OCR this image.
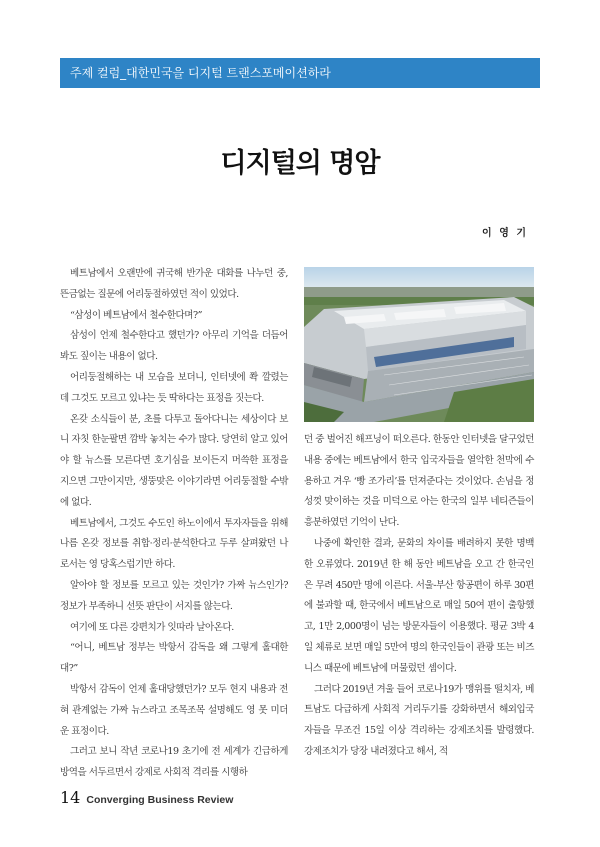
주제 컬럼_대한민국을 디지털 트랜스포메이션하라
디지털의 명암
이 영 기

베트남에서 오랜만에 귀국해 반가운 대화를 나누던 중, 뜬금없는 질문에 어리둥절하였던 적이 있었다.

“삼성이 베트남에서 철수한다며?”

삼성이 언제 철수한다고 했던가? 아무리 기억을 더듬어봐도 짚이는 내용이 없다.

어리둥절해하는 내 모습을 보더니, 인터넷에 쫙 깔렸는데 그것도 모르고 있냐는 듯 딱하다는 표정을 짓는다.

온갖 소식들이 분, 초를 다투고 돌아다니는 세상이다 보니 자칫 한눈팔면 깜박 놓치는 수가 많다. 당연히 알고 있어야 할 뉴스를 모른다면 호기심을 보이든지 머쓱한 표정을 지으면 그만이지만, 생뚱맞은 이야기라면 어리둥절할 수밖에 없다.

베트남에서, 그것도 수도인 하노이에서 투자자들을 위해 나름 온갖 정보를 취합·정리·분석한다고 두루 살펴왔던 나로서는 영 당혹스럽기만 하다.

알아야 할 정보를 모르고 있는 것인가? 가짜 뉴스인가? 정보가 부족하니 선뜻 판단이 서지를 않는다.

여기에 또 다른 강편치가 잇따라 날아온다.

“어니, 베트남 정부는 박항서 감독을 왜 그렇게 홀대한대?”

박항서 감독이 언제 홀대당했던가? 모두 현지 내용과 전혀 관계없는 가짜 뉴스라고 조목조목 설명해도 영 못 미더운 표정이다.

그러고 보니 작년 코로나19 초기에 전 세계가 긴급하게 방역을 서두르면서 강제로 사회적 격리를 시행하

던 중 벌어진 해프닝이 떠오른다. 한동안 인터넷을 달구었던 내용 중에는 베트남에서 한국 입국자들을 열악한 천막에 수용하고 겨우 ‘빵 조가리’를 던져준다는 것이었다. 손님을 정성껏 맞이하는 것을 미덕으로 아는 한국의 일부 네티즌들이 흥분하였던 기억이 난다.

나중에 확인한 결과, 문화의 차이를 배려하지 못한 명백한 오류였다. 2019년 한 해 동안 베트남을 오고 간 한국인은 무려 450만 명에 이른다. 서울-부산 항공편이 하루 30편에 불과할 때, 한국에서 베트남으로 매일 50여 편이 출항했고, 1만 2,000명이 넘는 방문자들이 이용했다. 평균 3박 4일 체류로 보면 매일 5만여 명의 한국인들이 관광 또는 비즈니스 때문에 베트남에 머물렀던 셈이다.

그러다 2019년 겨울 들어 코로나19가 맹위를 떨치자, 베트남도 다급하게 사회적 거리두기를 강화하면서 해외입국자들을 무조건 15일 이상 격리하는 강제조치를 발령했다. 강제조치가 당장 내려졌다고 해서, 적

14 Converging Business Review
